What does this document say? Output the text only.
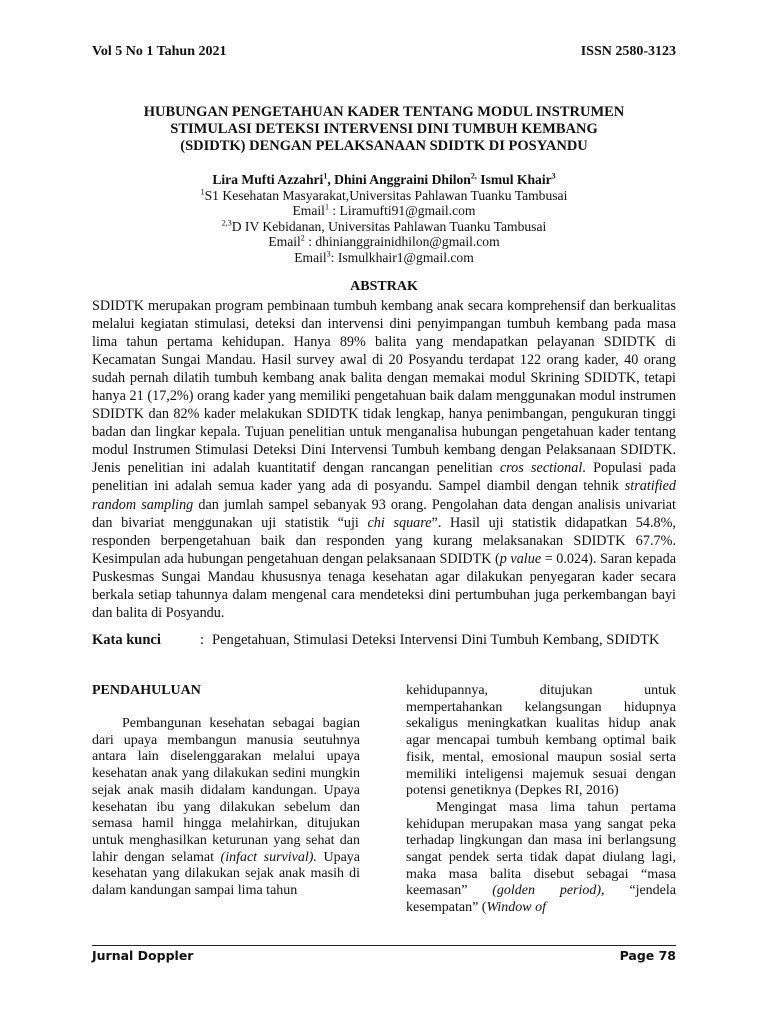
Vol 5 No 1 Tahun 2021	ISSN 2580-3123
HUBUNGAN PENGETAHUAN KADER TENTANG MODUL INSTRUMEN
STIMULASI DETEKSI INTERVENSI DINI TUMBUH KEMBANG
(SDIDTK) DENGAN PELAKSANAAN SDIDTK DI POSYANDU
Lira Mufti Azzahri$^1$, Dhini Anggraini Dhilon$^{2,}$ Ismul Khair$^3$
$^1$S1 Kesehatan Masyarakat,Universitas Pahlawan Tuanku Tambusai
Email$^1$ : Liramufti91@gmail.com
$^{2,3}$D IV Kebidanan, Universitas Pahlawan Tuanku Tambusai
Email$^2$ : dhinianggrainidhilon@gmail.com
Email$^3$: Ismulkhair1@gmail.com
ABSTRAK
SDIDTK merupakan program pembinaan tumbuh kembang anak secara komprehensif dan berkualitas melalui kegiatan stimulasi, deteksi dan intervensi dini penyimpangan tumbuh kembang pada masa lima tahun pertama kehidupan. Hanya 89% balita yang mendapatkan pelayanan SDIDTK di Kecamatan Sungai Mandau. Hasil survey awal di 20 Posyandu terdapat 122 orang kader, 40 orang sudah pernah dilatih tumbuh kembang anak balita dengan memakai modul Skrining SDIDTK, tetapi hanya 21 (17,2%) orang kader yang memiliki pengetahuan baik dalam menggunakan modul instrumen SDIDTK dan 82% kader melakukan SDIDTK tidak lengkap, hanya penimbangan, pengukuran tinggi badan dan lingkar kepala. Tujuan penelitian untuk menganalisa hubungan pengetahuan kader tentang modul Instrumen Stimulasi Deteksi Dini Intervensi Tumbuh kembang dengan Pelaksanaan SDIDTK. Jenis penelitian ini adalah kuantitatif dengan rancangan penelitian cros sectional. Populasi pada penelitian ini adalah semua kader yang ada di posyandu. Sampel diambil dengan tehnik stratified random sampling dan jumlah sampel sebanyak 93 orang. Pengolahan data dengan analisis univariat dan bivariat menggunakan uji statistik “uji chi square”. Hasil uji statistik didapatkan 54.8%, responden berpengetahuan baik dan responden yang kurang melaksanakan SDIDTK 67.7%. Kesimpulan ada hubungan pengetahuan dengan pelaksanaan SDIDTK (p value = 0.024). Saran kepada Puskesmas Sungai Mandau khususnya tenaga kesehatan agar dilakukan penyegaran kader secara berkala setiap tahunnya dalam mengenal cara mendeteksi dini pertumbuhan juga perkembangan bayi dan balita di Posyandu.
Kata kunci	: Pengetahuan, Stimulasi Deteksi Intervensi Dini Tumbuh Kembang, SDIDTK
PENDAHULUAN

Pembangunan kesehatan sebagai bagian dari upaya membangun manusia seutuhnya antara lain diselenggarakan melalui upaya kesehatan anak yang dilakukan sedini mungkin sejak anak masih didalam kandungan. Upaya kesehatan ibu yang dilakukan sebelum dan semasa hamil hingga melahirkan, ditujukan untuk menghasilkan keturunan yang sehat dan lahir dengan selamat (infact survival). Upaya kesehatan yang dilakukan sejak anak masih di dalam kandungan sampai lima tahun

kehidupannya, ditujukan untuk mempertahankan kelangsungan hidupnya sekaligus meningkatkan kualitas hidup anak agar mencapai tumbuh kembang optimal baik fisik, mental, emosional maupun sosial serta memiliki inteligensi majemuk sesuai dengan potensi genetiknya (Depkes RI, 2016)

Mengingat masa lima tahun pertama kehidupan merupakan masa yang sangat peka terhadap lingkungan dan masa ini berlangsung sangat pendek serta tidak dapat diulang lagi, maka masa balita disebut sebagai “masa keemasan” (golden period), “jendela kesempatan” (Window of

Jurnal Doppler	Page 78
